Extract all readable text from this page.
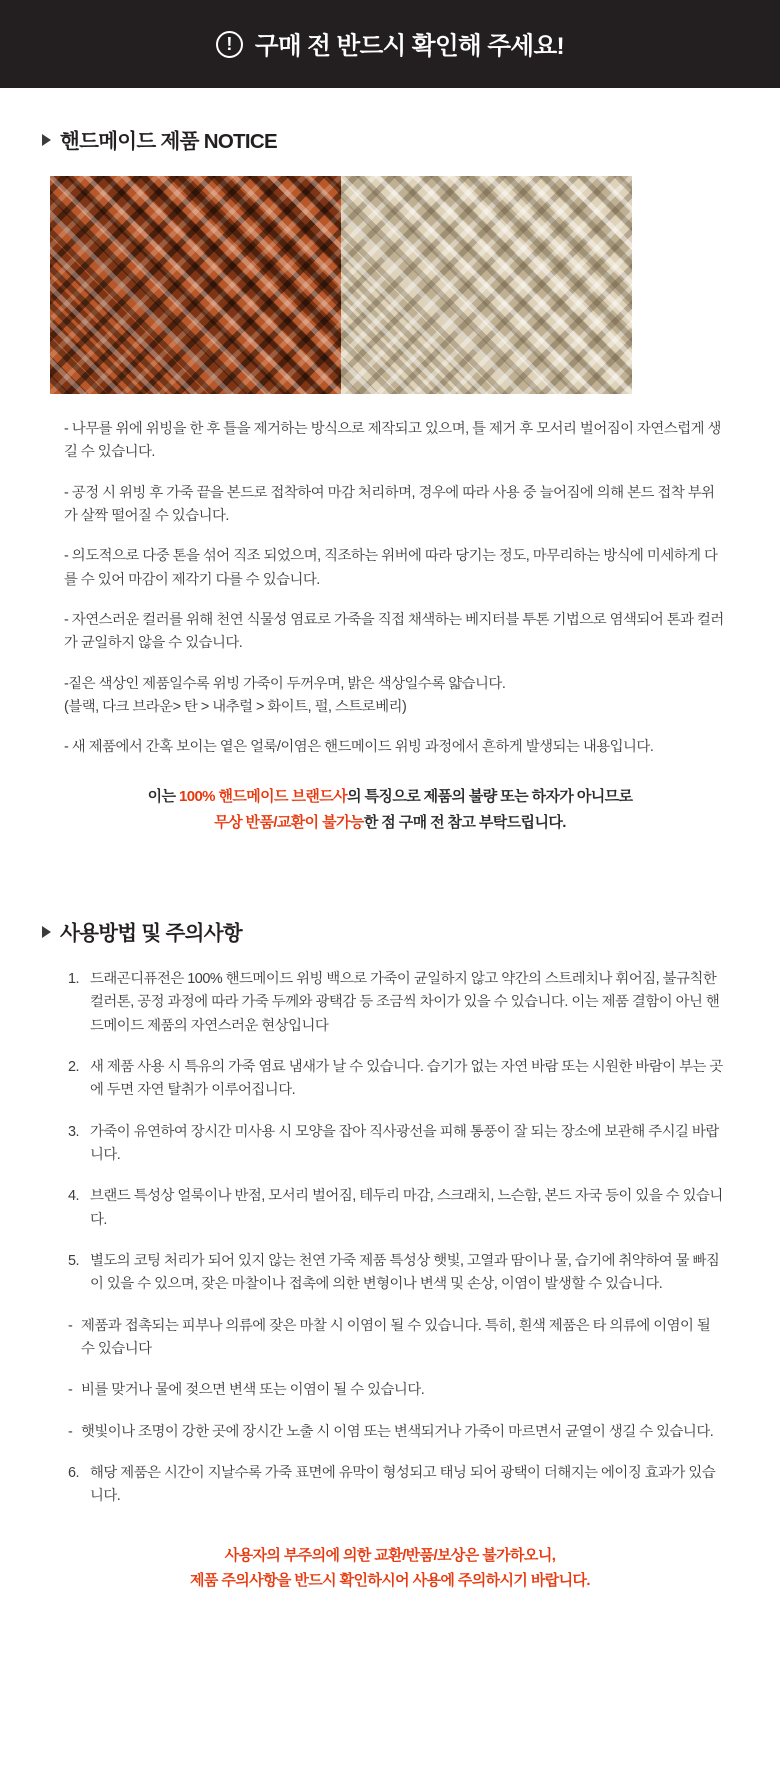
! 구매 전 반드시 확인해 주세요!
핸드메이드 제품 NOTICE
- 나무를 위에 위빙을 한 후 틀을 제거하는 방식으로 제작되고 있으며, 틀 제거 후 모서리 벌어짐이 자연스럽게 생길 수 있습니다.
- 공정 시 위빙 후 가죽 끝을 본드로 접착하여 마감 처리하며, 경우에 따라 사용 중 늘어짐에 의해 본드 접착 부위가 살짝 떨어질 수 있습니다.
- 의도적으로 다중 톤을 섞어 직조 되었으며, 직조하는 위버에 따라 당기는 정도, 마무리하는 방식에 미세하게 다를 수 있어 마감이 제각기 다를 수 있습니다.
- 자연스러운 컬러를 위해 천연 식물성 염료로 가죽을 직접 채색하는 베지터블 투톤 기법으로 염색되어 톤과 컬러가 균일하지 않을 수 있습니다.
-짙은 색상인 제품일수록 위빙 가죽이 두꺼우며, 밝은 색상일수록 얇습니다.
(블랙, 다크 브라운> 탄 > 내추럴 > 화이트, 펄, 스트로베리)
- 새 제품에서 간혹 보이는 옅은 얼룩/이염은 핸드메이드 위빙 과정에서 흔하게 발생되는 내용입니다.
이는 100% 핸드메이드 브랜드사의 특징으로 제품의 불량 또는 하자가 아니므로
무상 반품/교환이 불가능한 점 구매 전 참고 부탁드립니다.
사용방법 및 주의사항
1. 드래곤디퓨전은 100% 핸드메이드 위빙 백으로 가죽이 균일하지 않고 약간의 스트레치나 휘어짐, 불규칙한 컬러톤, 공정 과정에 따라 가죽 두께와 광택감 등 조금씩 차이가 있을 수 있습니다. 이는 제품 결함이 아닌 핸드메이드 제품의 자연스러운 현상입니다
2. 새 제품 사용 시 특유의 가죽 염료 냄새가 날 수 있습니다. 습기가 없는 자연 바람 또는 시원한 바람이 부는 곳에 두면 자연 탈취가 이루어집니다.
3. 가죽이 유연하여 장시간 미사용 시 모양을 잡아 직사광선을 피해 통풍이 잘 되는 장소에 보관해 주시길 바랍니다.
4. 브랜드 특성상 얼룩이나 반점, 모서리 벌어짐, 테두리 마감, 스크래치, 느슨함, 본드 자국 등이 있을 수 있습니다.
5. 별도의 코팅 처리가 되어 있지 않는 천연 가죽 제품 특성상 햇빛, 고열과 땀이나 물, 습기에 취약하여 물 빠짐이 있을 수 있으며, 잦은 마찰이나 접촉에 의한 변형이나 변색 및 손상, 이염이 발생할 수 있습니다.
- 제품과 접촉되는 피부나 의류에 잦은 마찰 시 이염이 될 수 있습니다. 특히, 흰색 제품은 타 의류에 이염이 될 수 있습니다
- 비를 맞거나 물에 젖으면 변색 또는 이염이 될 수 있습니다.
- 햇빛이나 조명이 강한 곳에 장시간 노출 시 이염 또는 변색되거나 가죽이 마르면서 균열이 생길 수 있습니다.
6. 해당 제품은 시간이 지날수록 가죽 표면에 유막이 형성되고 태닝 되어 광택이 더해지는 에이징 효과가 있습니다.
사용자의 부주의에 의한 교환/반품/보상은 불가하오니,
제품 주의사항을 반드시 확인하시어 사용에 주의하시기 바랍니다.
